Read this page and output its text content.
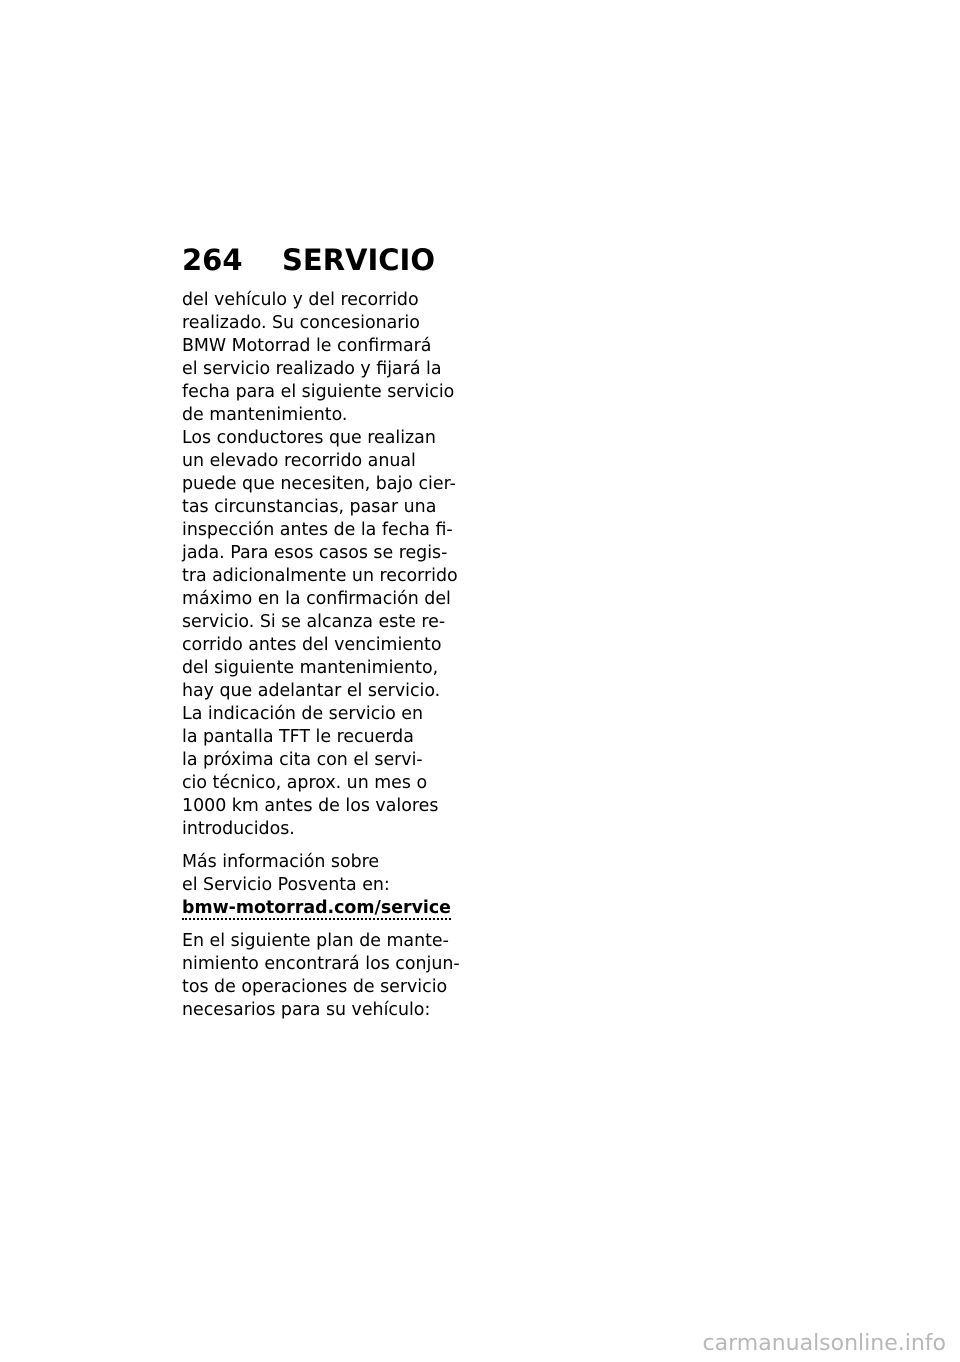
264 SERVICIO
del vehículo y del recorrido
realizado. Su concesionario
BMW Motorrad le confirmará
el servicio realizado y fijará la
fecha para el siguiente servicio
de mantenimiento.
Los conductores que realizan
un elevado recorrido anual
puede que necesiten, bajo cier-
tas circunstancias, pasar una
inspección antes de la fecha fi-
jada. Para esos casos se regis-
tra adicionalmente un recorrido
máximo en la confirmación del
servicio. Si se alcanza este re-
corrido antes del vencimiento
del siguiente mantenimiento,
hay que adelantar el servicio.
La indicación de servicio en
la pantalla TFT le recuerda
la próxima cita con el servi-
cio técnico, aprox. un mes o
1000 km antes de los valores
introducidos.
Más información sobre
el Servicio Posventa en:
bmw-motorrad.com/service
En el siguiente plan de mante-
nimiento encontrará los conjun-
tos de operaciones de servicio
necesarios para su vehículo:
carmanualsonline.info
